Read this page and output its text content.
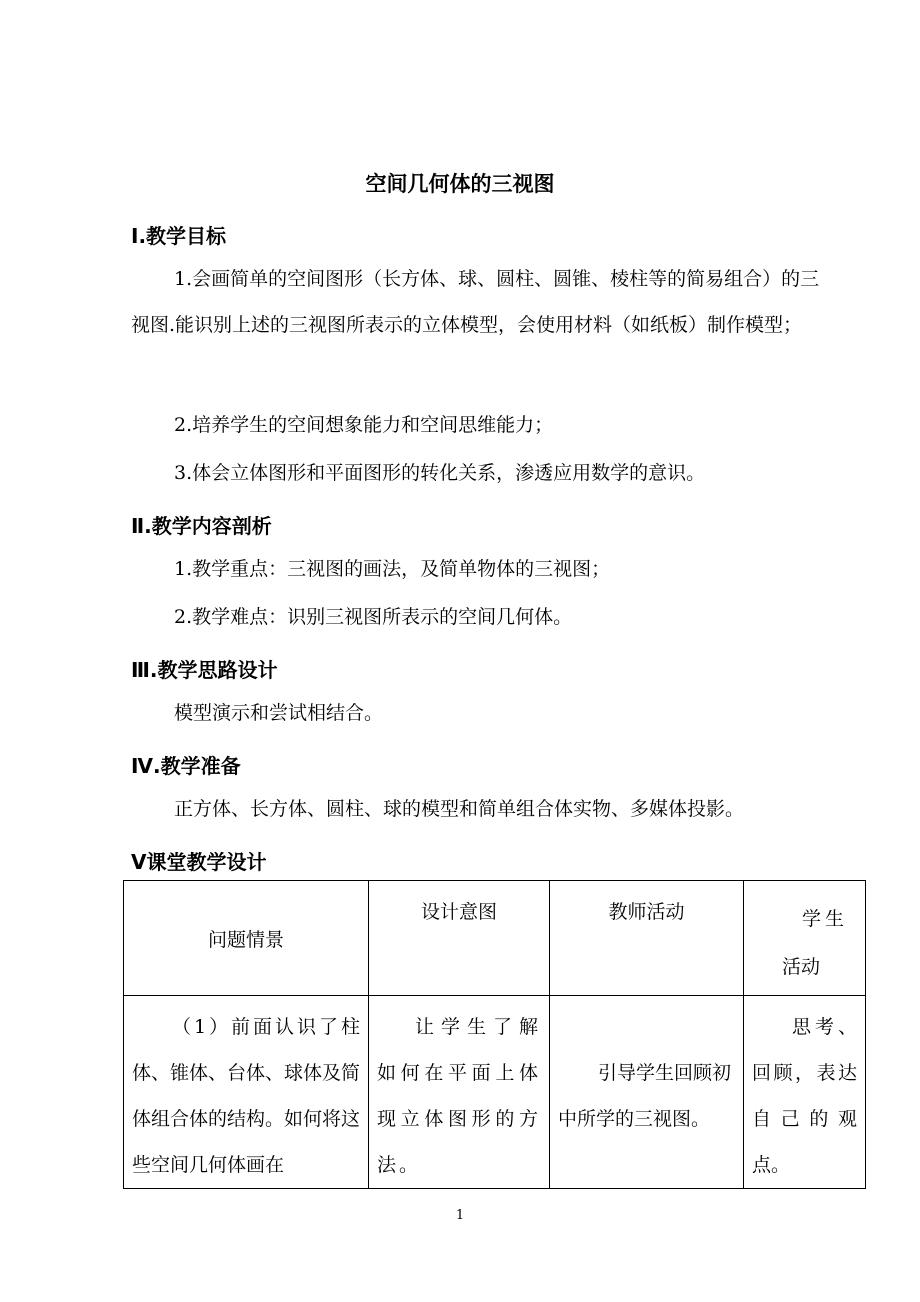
空间几何体的三视图
Ⅰ.教学目标
1.会画简单的空间图形（长方体、球、圆柱、圆锥、棱柱等的简易组合）的三视图.能识别上述的三视图所表示的立体模型，会使用材料（如纸板）制作模型；
2.培养学生的空间想象能力和空间思维能力；
3.体会立体图形和平面图形的转化关系，渗透应用数学的意识。
Ⅱ.教学内容剖析
1.教学重点：三视图的画法，及简单物体的三视图；
2.教学难点：识别三视图所表示的空间几何体。
Ⅲ.教学思路设计
模型演示和尝试相结合。
Ⅳ.教学准备
正方体、长方体、圆柱、球的模型和简单组合体实物、多媒体投影。
Ⅴ课堂教学设计
问题情景	设计意图	教师活动	学生活动

（1）前面认识了柱体、锥体、台体、球体及简体组合体的结构。如何将这些空间几何体画在	让学生了解如何在平面上体现立体图形的方法。	引导学生回顾初中所学的三视图。	思考、回顾，表达自己的观点。
1
